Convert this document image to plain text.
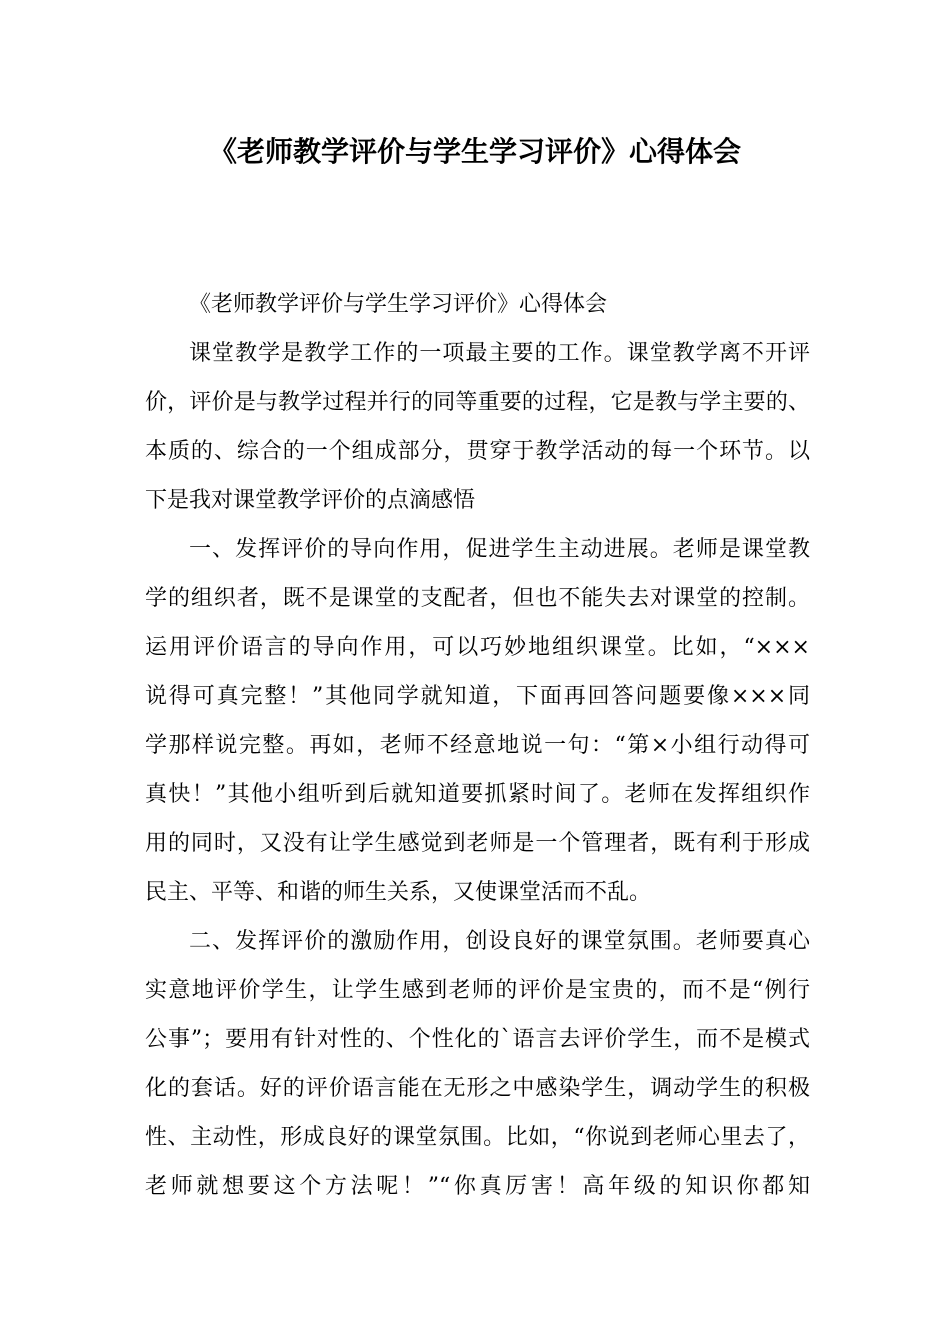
《老师教学评价与学生学习评价》心得体会
《老师教学评价与学生学习评价》心得体会
课堂教学是教学工作的一项最主要的工作。课堂教学离不开评
价，评价是与教学过程并行的同等重要的过程，它是教与学主要的、
本质的、综合的一个组成部分，贯穿于教学活动的每一个环节。以
下是我对课堂教学评价的点滴感悟
一、发挥评价的导向作用，促进学生主动进展。老师是课堂教
学的组织者，既不是课堂的支配者，但也不能失去对课堂的控制。
运用评价语言的导向作用，可以巧妙地组织课堂。比如，“×××
说得可真完整！”其他同学就知道，下面再回答问题要像×××同
学那样说完整。再如，老师不经意地说一句：“第×小组行动得可
真快！”其他小组听到后就知道要抓紧时间了。老师在发挥组织作
用的同时，又没有让学生感觉到老师是一个管理者，既有利于形成
民主、平等、和谐的师生关系，又使课堂活而不乱。
二、发挥评价的激励作用，创设良好的课堂氛围。老师要真心
实意地评价学生，让学生感到老师的评价是宝贵的，而不是“例行
公事”；要用有针对性的、个性化的`语言去评价学生，而不是模式
化的套话。好的评价语言能在无形之中感染学生，调动学生的积极
性、主动性，形成良好的课堂氛围。比如，“你说到老师心里去了，
老师就想要这个方法呢！”“你真厉害！高年级的知识你都知
